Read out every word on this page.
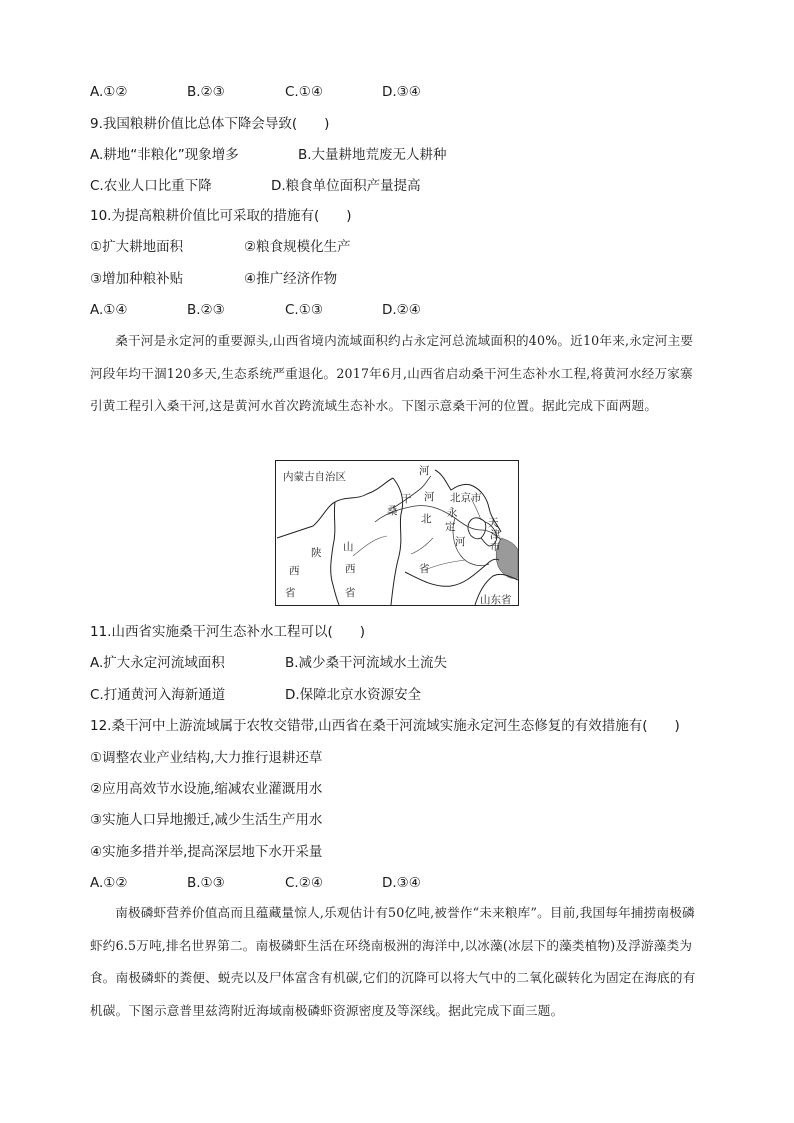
A.①②	B.②③	C.①④	D.③④
9.我国粮耕价值比总体下降会导致(　　)
A.耕地“非粮化”现象增多	B.大量耕地荒废无人耕种
C.农业人口比重下降	D.粮食单位面积产量提高
10.为提高粮耕价值比可采取的措施有(　　)
①扩大耕地面积	②粮食规模化生产
③增加种粮补贴	④推广经济作物
A.①④	B.②③	C.①③	D.②④

桑干河是永定河的重要源头,山西省境内流域面积约占永定河总流域面积的40%。近10年来,永定河主要河段年均干涸120多天,生态系统严重退化。2017年6月,山西省启动桑干河生态补水工程,将黄河水经万家寨引黄工程引入桑干河,这是黄河水首次跨流域生态补水。下图示意桑干河的位置。据此完成下面两题。

内蒙古自治区	河
桑
干 河 北京市
北 永
定
河
天
津
市
陕
西
省
山
西
省
省
山东省
11.山西省实施桑干河生态补水工程可以(　　)
A.扩大永定河流域面积	B.减少桑干河流域水土流失
C.打通黄河入海新通道	D.保障北京水资源安全
12.桑干河中上游流域属于农牧交错带,山西省在桑干河流域实施永定河生态修复的有效措施有(　　)
①调整农业产业结构,大力推行退耕还草
②应用高效节水设施,缩减农业灌溉用水
③实施人口异地搬迁,减少生活生产用水
④实施多措并举,提高深层地下水开采量
A.①②	B.①③	C.②④	D.③④

南极磷虾营养价值高而且蕴藏量惊人,乐观估计有50亿吨,被誉作“未来粮库”。目前,我国每年捕捞南极磷虾约6.5万吨,排名世界第二。南极磷虾生活在环绕南极洲的海洋中,以冰藻(冰层下的藻类植物)及浮游藻类为食。南极磷虾的粪便、蜕壳以及尸体富含有机碳,它们的沉降可以将大气中的二氧化碳转化为固定在海底的有机碳。下图示意普里兹湾附近海域南极磷虾资源密度及等深线。据此完成下面三题。
